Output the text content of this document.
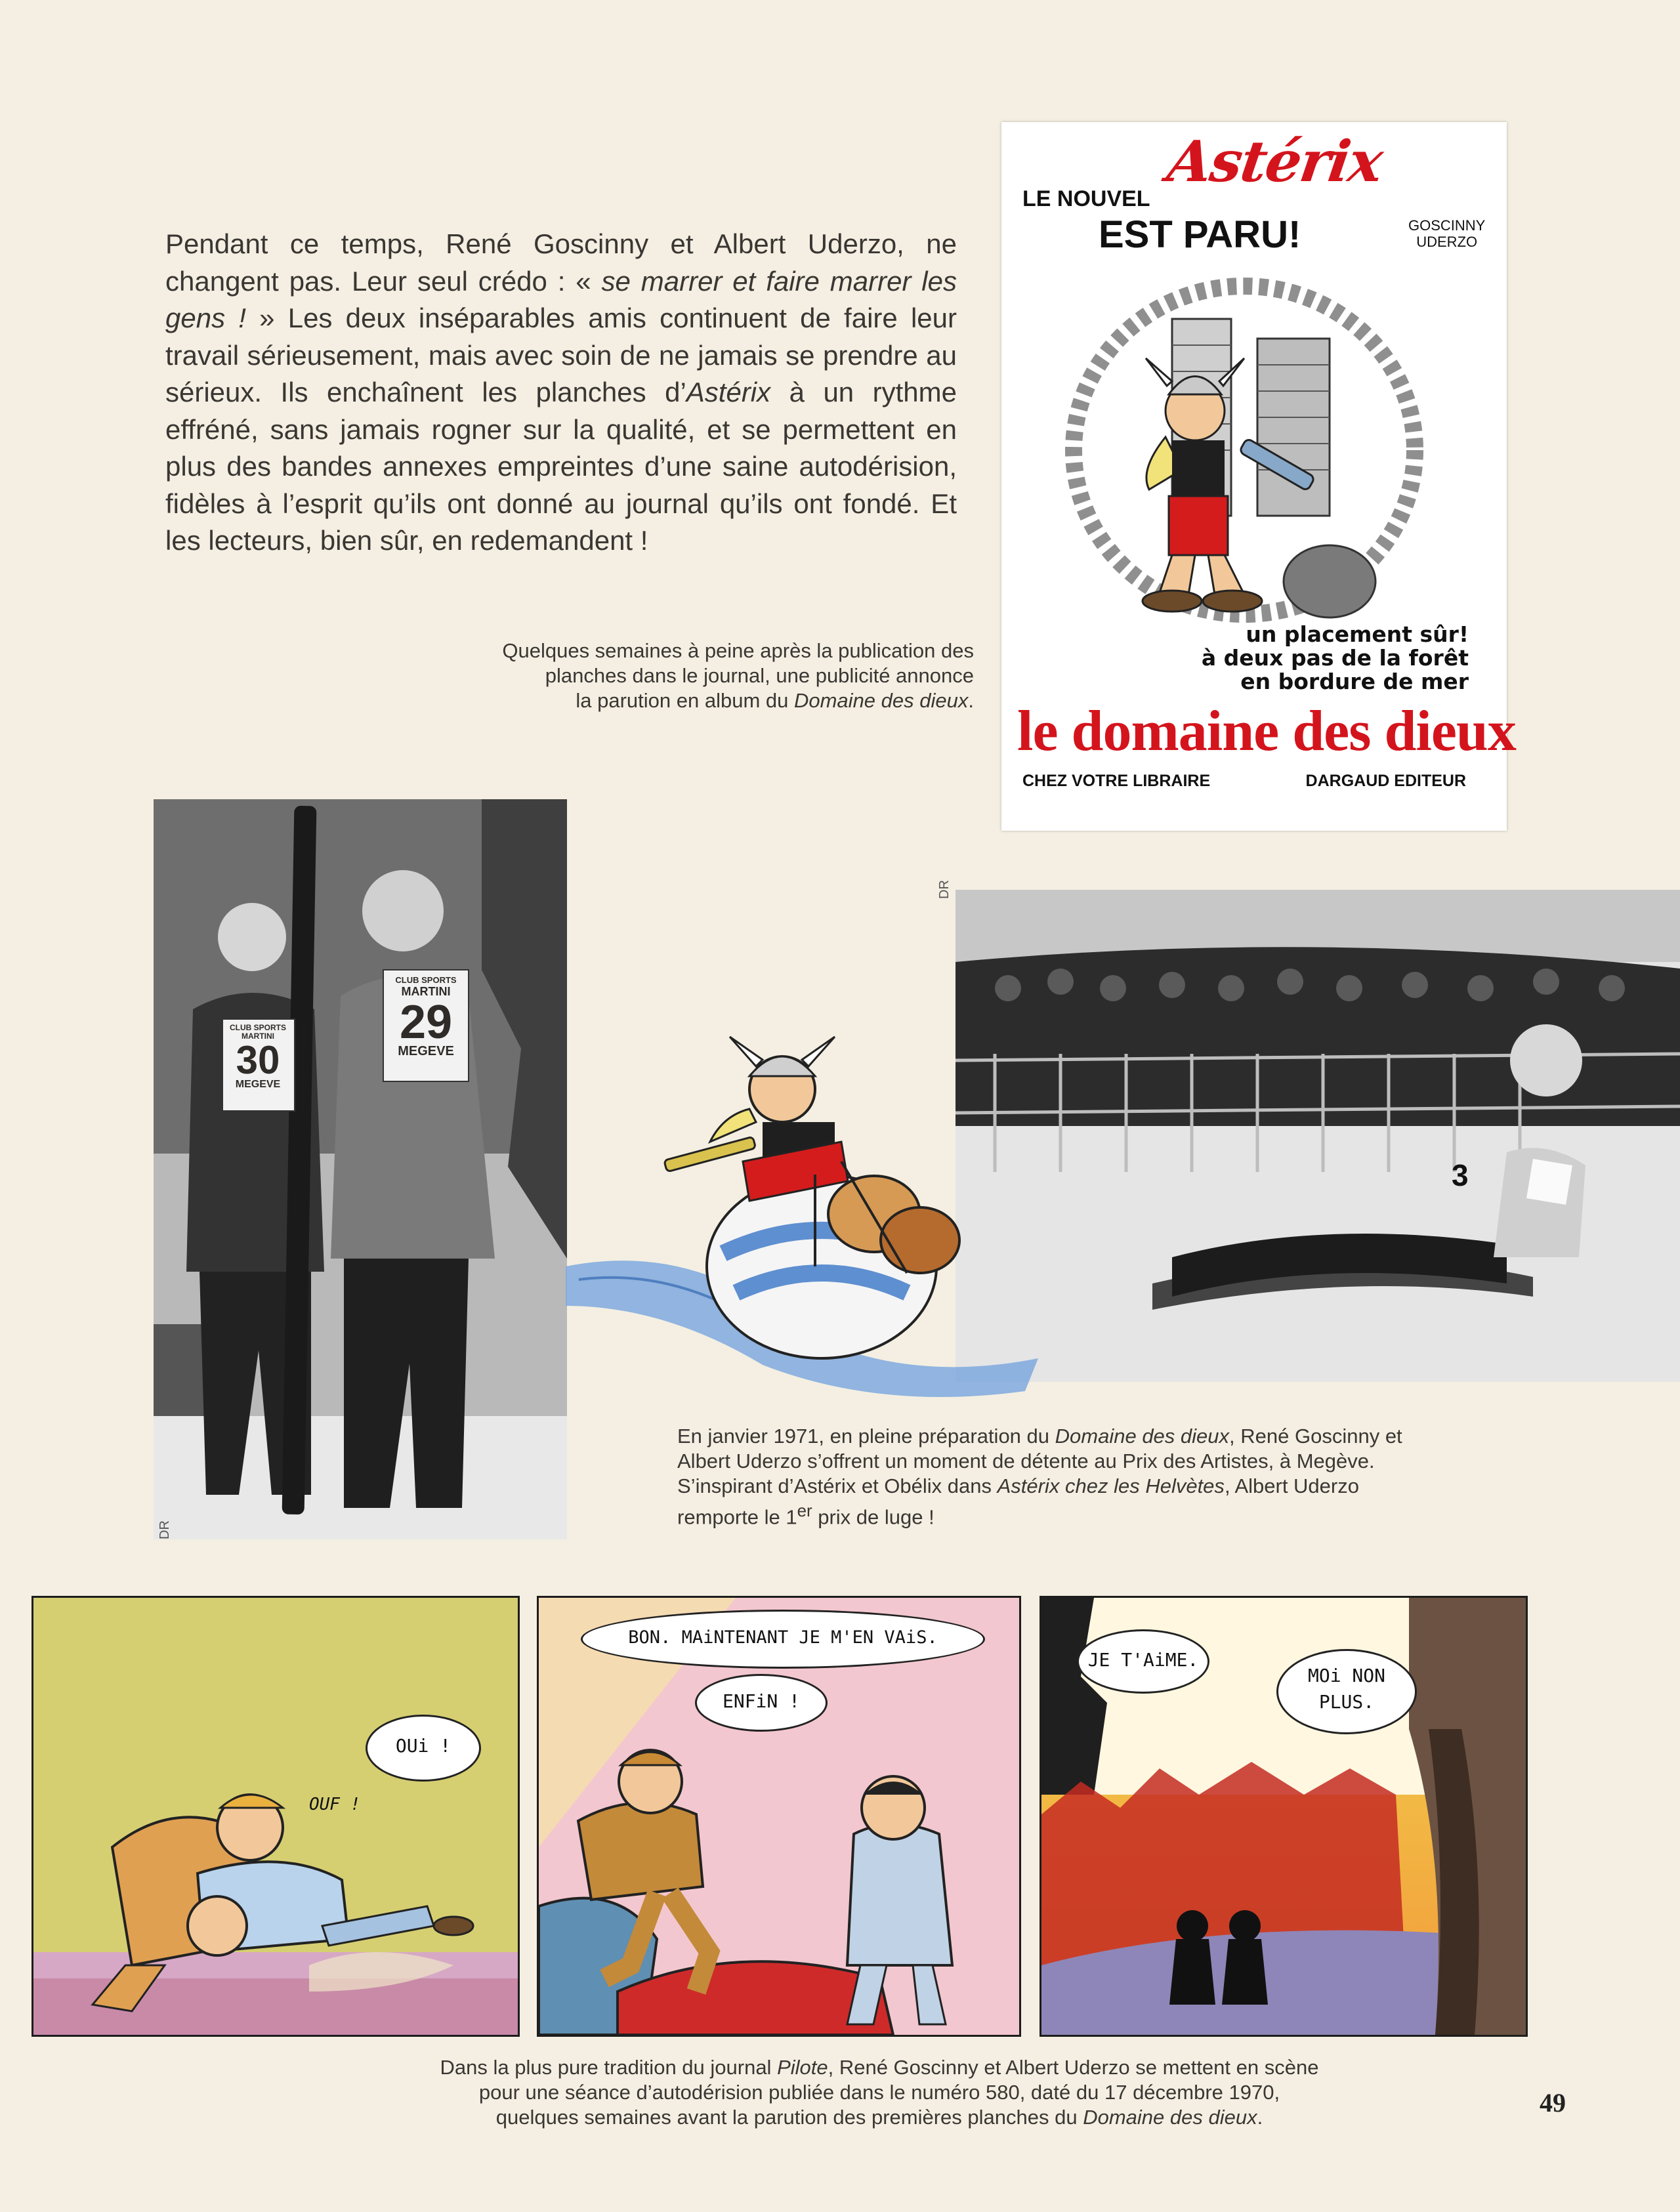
Pendant ce temps, René Goscinny et Albert Uderzo, ne changent pas. Leur seul crédo : « se marrer et faire marrer les gens ! » Les deux inséparables amis continuent de faire leur travail sérieusement, mais avec soin de ne jamais se prendre au sérieux. Ils enchaînent les planches d’Astérix à un rythme effréné, sans jamais rogner sur la qualité, et se permettent en plus des bandes annexes empreintes d’une saine autodérision, fidèles à l’esprit qu’ils ont donné au journal qu’ils ont fondé. Et les lecteurs, bien sûr, en redemandent !
Quelques semaines à peine après la publication des
planches dans le journal, une publicité annonce
la parution en album du Domaine des dieux.
LE NOUVEL
Astérix
EST PARU!	GOSCINNY
UDERZO
un placement sûr!
à deux pas de la forêt
en bordure de mer
le domaine des dieux
CHEZ VOTRE LIBRAIRE	DARGAUD EDITEUR
CLUB SPORTS
MARTINI
30
MEGEVE
CLUB SPORTS
MARTINI
29
MEGEVE
DR
3
DR
En janvier 1971, en pleine préparation du Domaine des dieux, René Goscinny et
Albert Uderzo s’offrent un moment de détente au Prix des Artistes, à Megève.
S’inspirant d’Astérix et Obélix dans Astérix chez les Helvètes, Albert Uderzo
remporte le 1er prix de luge !
OUi !
OUF !
BON. MAiNTENANT JE M'EN VAiS.
ENFiN !
JE T'AiME.
MOi NON
PLUS.
Dans la plus pure tradition du journal Pilote, René Goscinny et Albert Uderzo se mettent en scène
pour une séance d’autodérision publiée dans le numéro 580, daté du 17 décembre 1970,
quelques semaines avant la parution des premières planches du Domaine des dieux.	49
